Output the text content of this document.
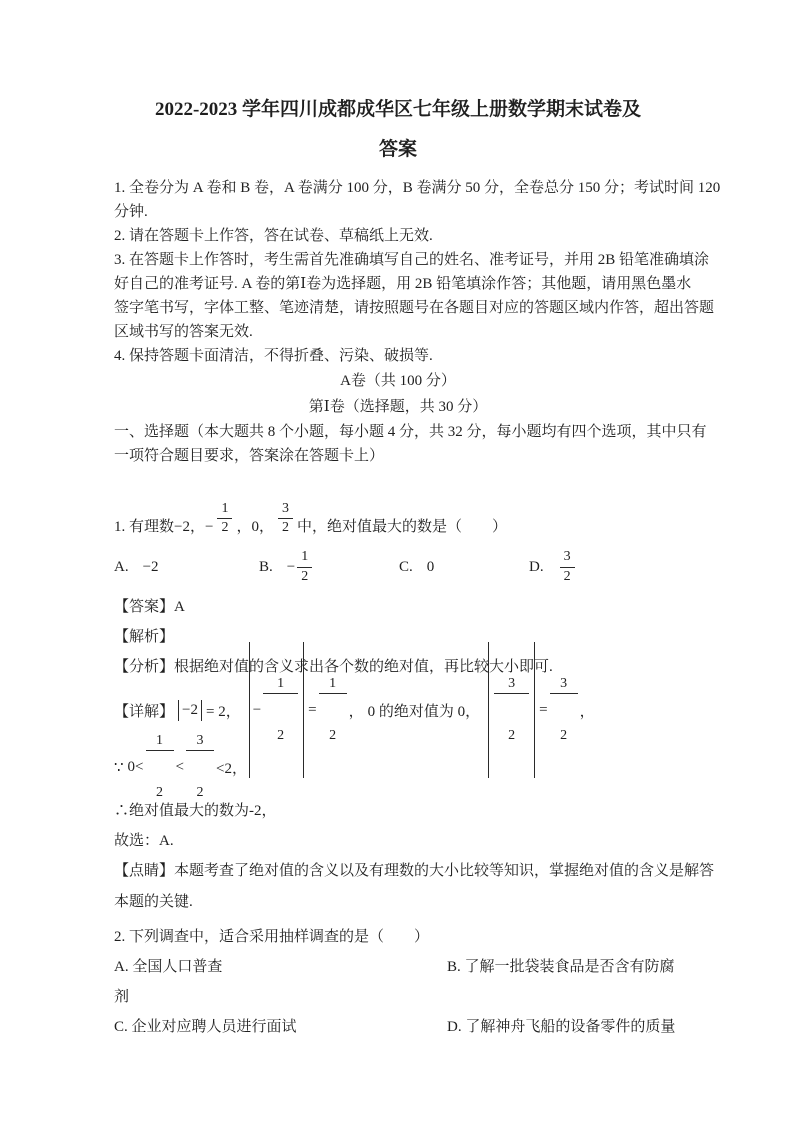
2022-2023 学年四川成都成华区七年级上册数学期末试卷及
答案
1. 全卷分为 A 卷和 B 卷，A 卷满分 100 分，B 卷满分 50 分，全卷总分 150 分；考试时间 120
分钟.
2. 请在答题卡上作答，答在试卷、草稿纸上无效.
3. 在答题卡上作答时，考生需首先准确填写自己的姓名、准考证号，并用 2B 铅笔准确填涂
好自己的准考证号. A 卷的第Ⅰ卷为选择题，用 2B 铅笔填涂作答；其他题，请用黑色墨水
签字笔书写，字体工整、笔迹清楚，请按照题号在各题目对应的答题区域内作答，超出答题
区域书写的答案无效.
4. 保持答题卡面清洁，不得折叠、污染、破损等.
A卷（共 100 分）
第Ⅰ卷（选择题，共 30 分）
一、选择题（本大题共 8 个小题，每小题 4 分，共 32 分，每小题均有四个选项，其中只有
一项符合题目要求，答案涂在答题卡上）
1. 有理数 −2， − $\frac{1}{2}$ ，0， $\frac{3}{2}$ 中，绝对值最大的数是（　　）
A. −2	B. − $\frac{1}{2}$	C. 0	D. $\frac{3}{2}$
【答案】A
【解析】
【分析】根据绝对值的含义求出各个数的绝对值，再比较大小即可.
【详解】 −2 = 2， −

$\frac{1}{2}$

=

$\frac{1}{2}$

， 0 的绝对值为 0，

$\frac{3}{2}$

=

$\frac{3}{2}$

，
∵ 0<

$\frac{1}{2}$

<

$\frac{3}{2}$

<2，
∴绝对值最大的数为-2，
故选：A.
【点睛】本题考查了绝对值的含义以及有理数的大小比较等知识，掌握绝对值的含义是解答
本题的关键.
2. 下列调查中，适合采用抽样调查的是（　　）
A. 全国人口普查	B. 了解一批袋装食品是否含有防腐
剂
C. 企业对应聘人员进行面试	D. 了解神舟飞船的设备零件的质量
